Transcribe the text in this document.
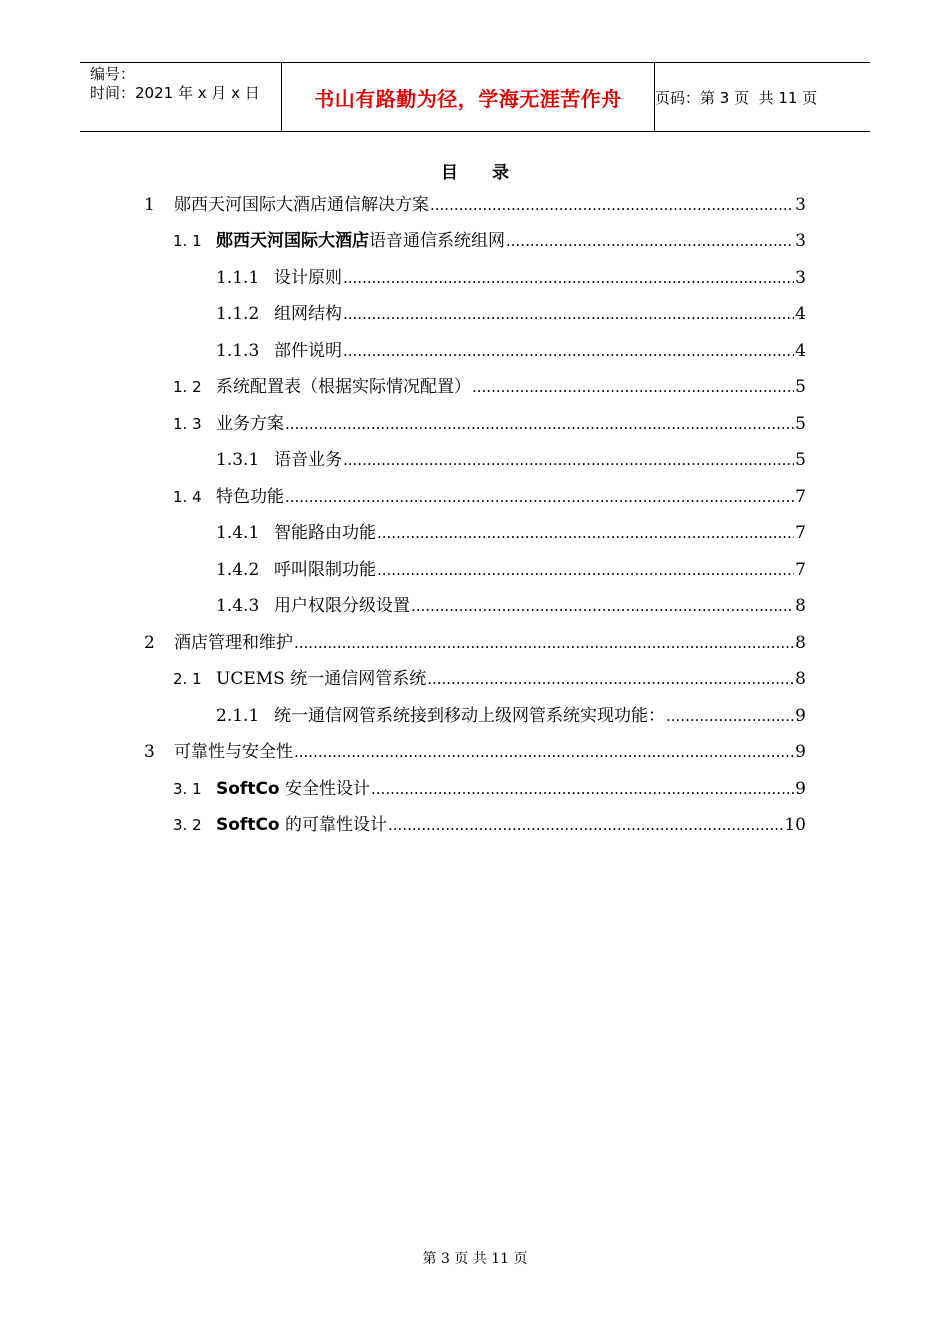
编号：
时间：2021 年 x 月 x 日	书山有路勤为径，学海无涯苦作舟 页码：第 3 页  共 11 页
目 录
1	郧西天河国际大酒店通信解决方案 .....	3
1. 1 郧西天河国际大酒店语音通信系统组网 .....	3
1.1.1 设计原则 .....	3
1.1.2 组网结构 .....	4
1.1.3 部件说明 .....	4
1. 2 系统配置表（根据实际情况配置） .....	5
1. 3 业务方案 .....	5
1.3.1 语音业务 .....	5
1. 4 特色功能 .....	7
1.4.1 智能路由功能 .....	7
1.4.2 呼叫限制功能 .....	7
1.4.3 用户权限分级设置 .....	8
2	酒店管理和维护 .....	8
2. 1 UCEMS 统一通信网管系统 .....	8
2.1.1 统一通信网管系统接到移动上级网管系统实现功能： .....	9
3	可靠性与安全性 .....	9
3. 1 SoftCo 安全性设计 .....	9
3. 2 SoftCo 的可靠性设计 .....	10
第 3 页 共 11 页
